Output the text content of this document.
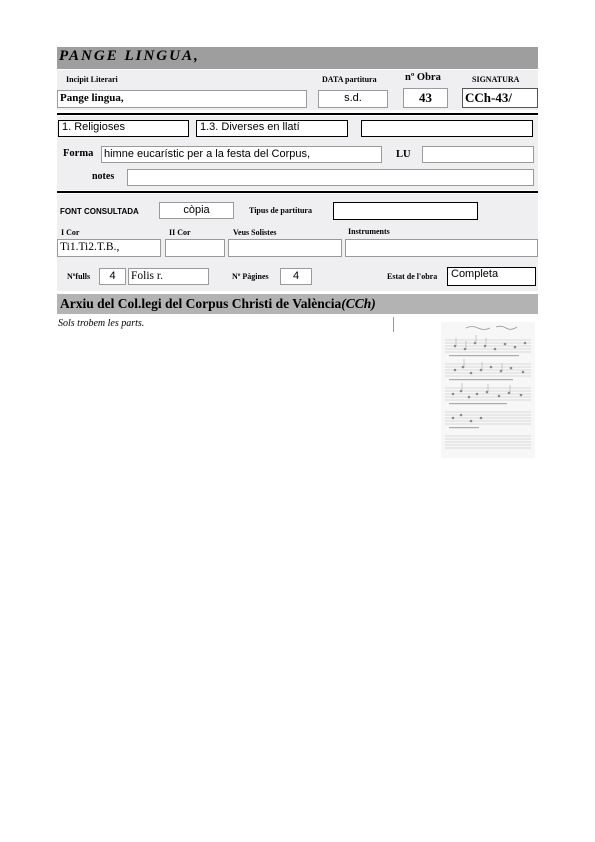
PANGE LINGUA,
Incipit Literari	DATA partitura	nº Obra	SIGNATURA
Pange lingua,	s.d.	43	CCh-43/
1. Religioses	1.3. Diverses en llatí
Forma himne eucarístic per a la festa del Corpus,	LU
notes
FONT CONSULTADA	còpia	Tipus de partitura
I Cor	II Cor	Veus Solistes	Instruments
Ti1.Ti2.T.B.,
Nºfulls	4	Folis r.	Nº Pàgines	4	Estat de l'obra	Completa
Arxiu del Col.legi del Corpus Christi de València(CCh)
Sols trobem les parts.
